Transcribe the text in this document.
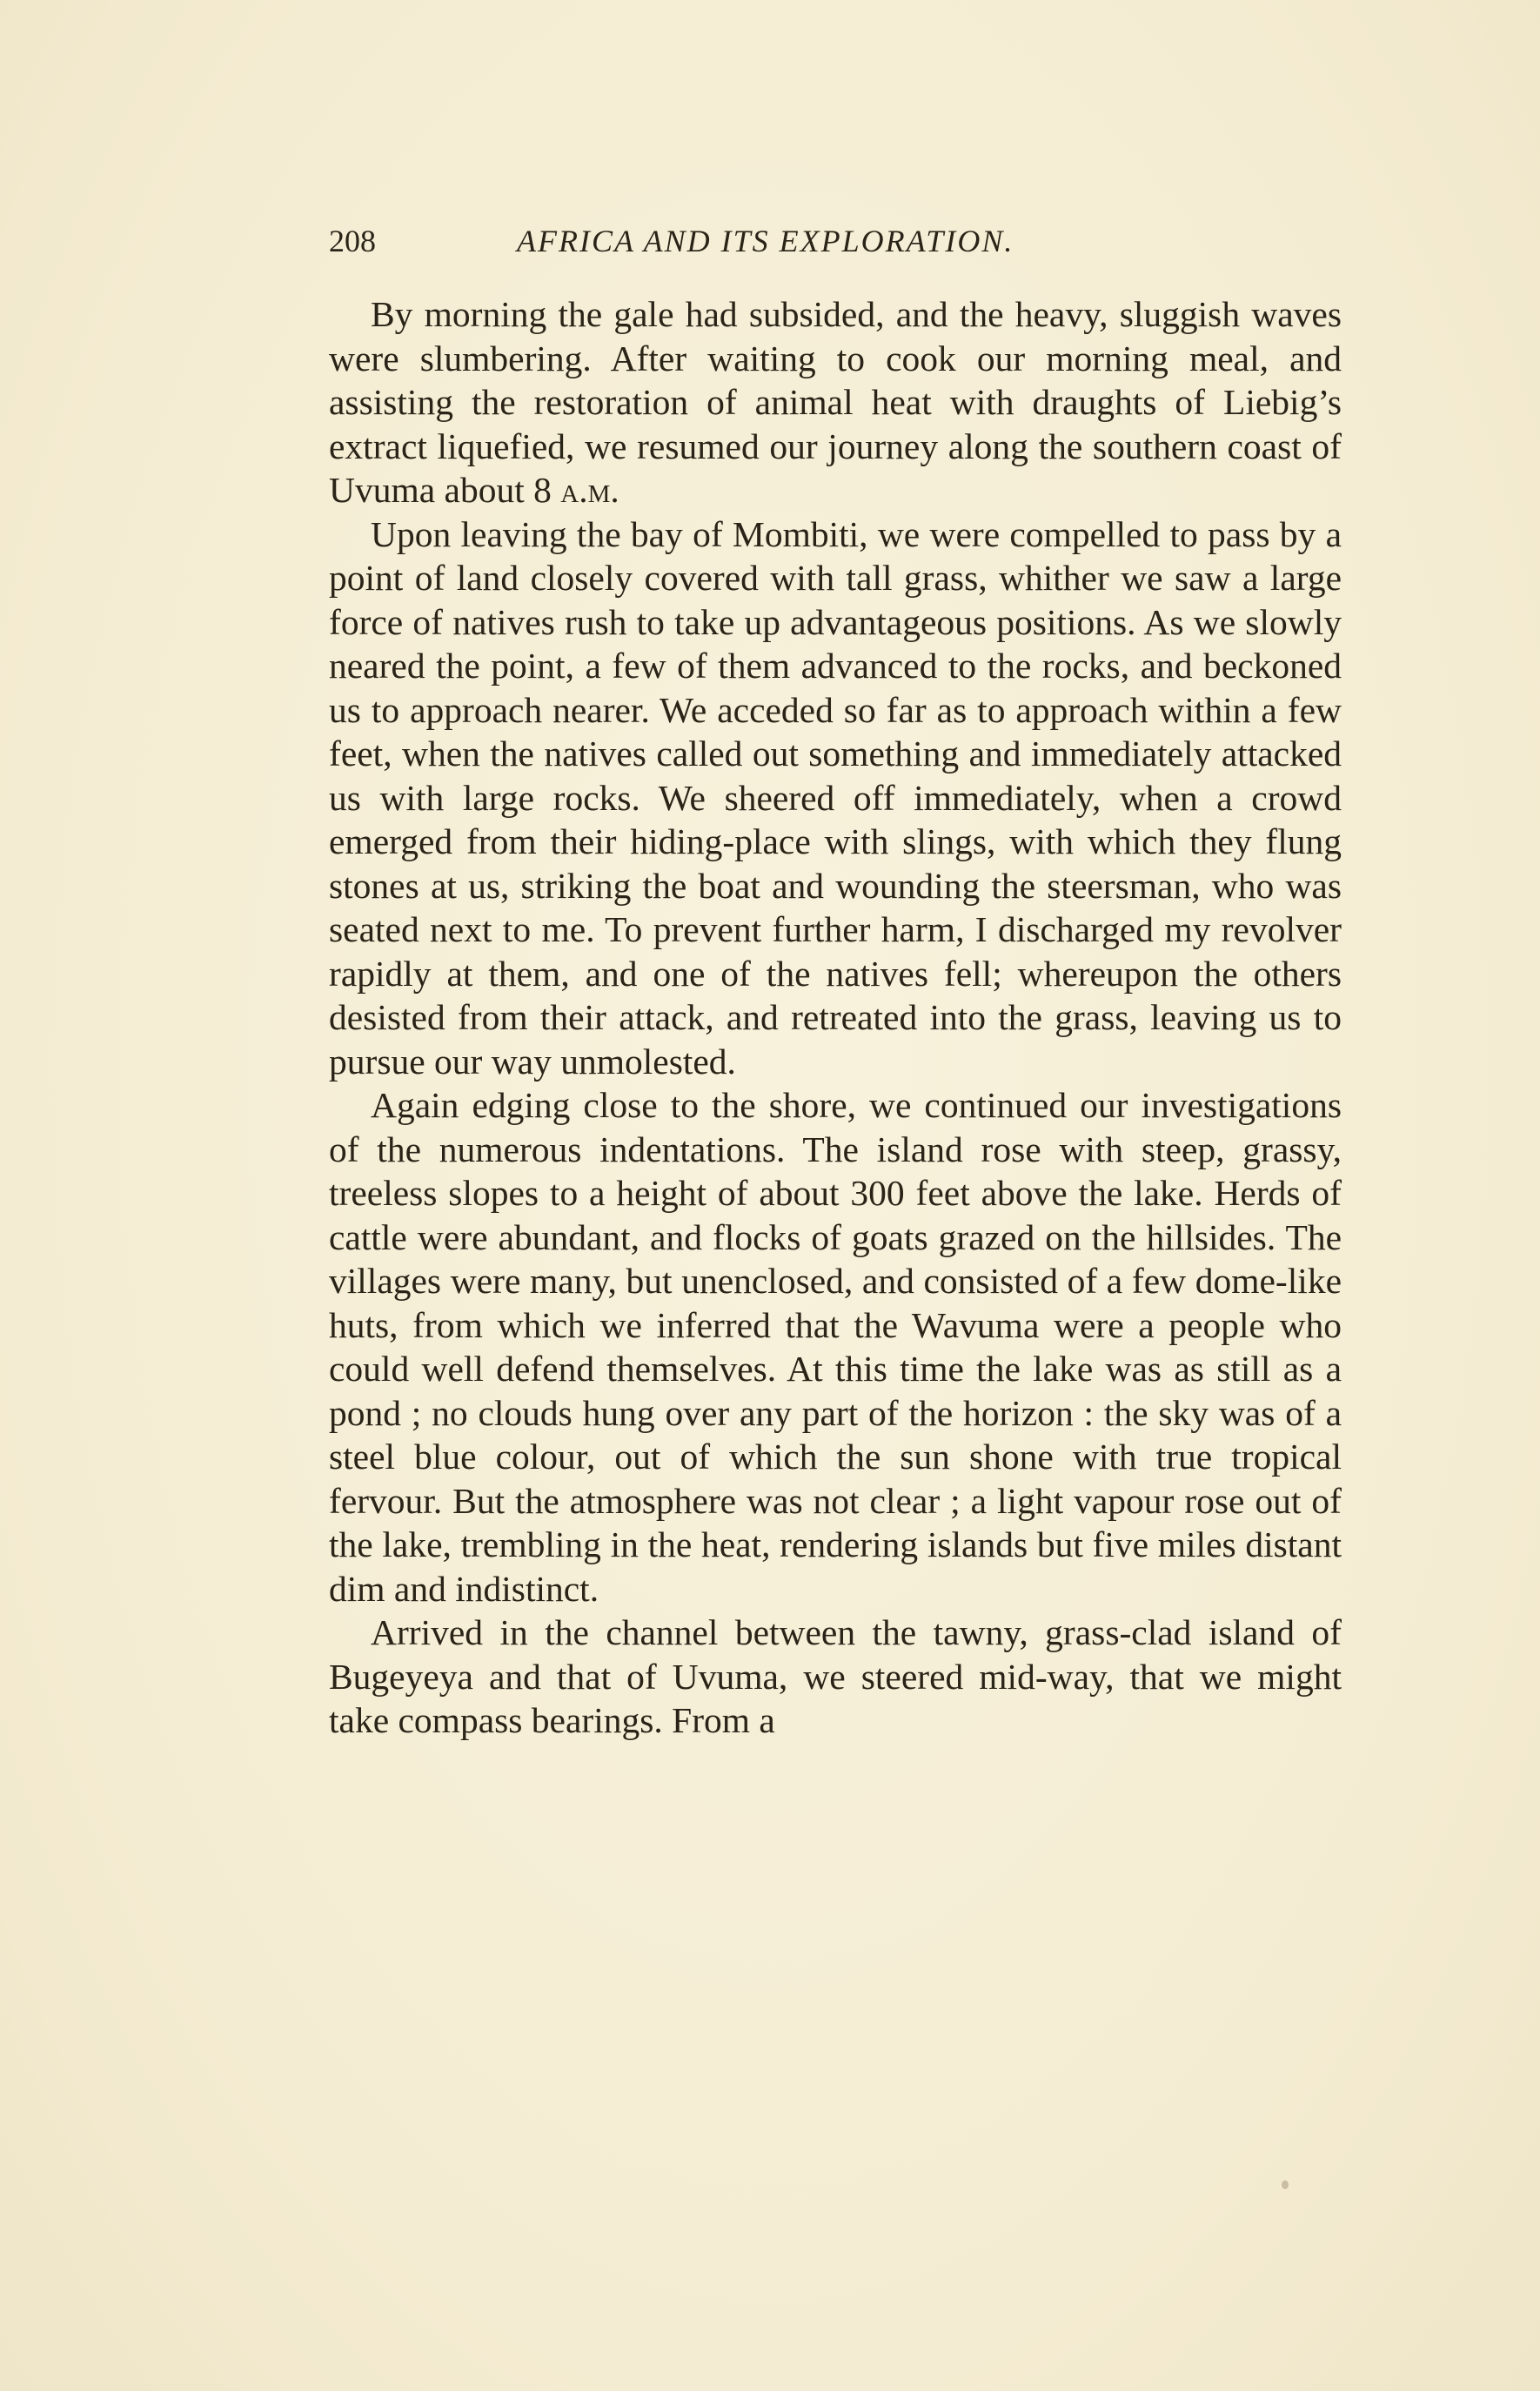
208	AFRICA AND ITS EXPLORATION.

By morning the gale had subsided, and the heavy, sluggish waves were slumbering. After waiting to cook our morning meal, and assisting the restoration of animal heat with draughts of Liebig’s extract liquefied, we resumed our journey along the southern coast of Uvuma about 8 a.m.

Upon leaving the bay of Mombiti, we were compelled to pass by a point of land closely covered with tall grass, whither we saw a large force of natives rush to take up advantageous positions. As we slowly neared the point, a few of them advanced to the rocks, and beckoned us to approach nearer. We acceded so far as to approach within a few feet, when the natives called out something and immediately attacked us with large rocks. We sheered off immediately, when a crowd emerged from their hiding-place with slings, with which they flung stones at us, striking the boat and wounding the steersman, who was seated next to me. To prevent further harm, I discharged my revolver rapidly at them, and one of the natives fell; whereupon the others desisted from their attack, and retreated into the grass, leaving us to pursue our way unmolested.

Again edging close to the shore, we continued our investigations of the numerous indentations. The island rose with steep, grassy, treeless slopes to a height of about 300 feet above the lake. Herds of cattle were abundant, and flocks of goats grazed on the hillsides. The villages were many, but unenclosed, and consisted of a few dome-like huts, from which we inferred that the Wavuma were a people who could well defend themselves. At this time the lake was as still as a pond ; no clouds hung over any part of the horizon : the sky was of a steel blue colour, out of which the sun shone with true tropical fervour. But the atmosphere was not clear ; a light vapour rose out of the lake, trembling in the heat, rendering islands but five miles distant dim and indistinct.

Arrived in the channel between the tawny, grass-clad island of Bugeyeya and that of Uvuma, we steered mid-way, that we might take compass bearings. From a
